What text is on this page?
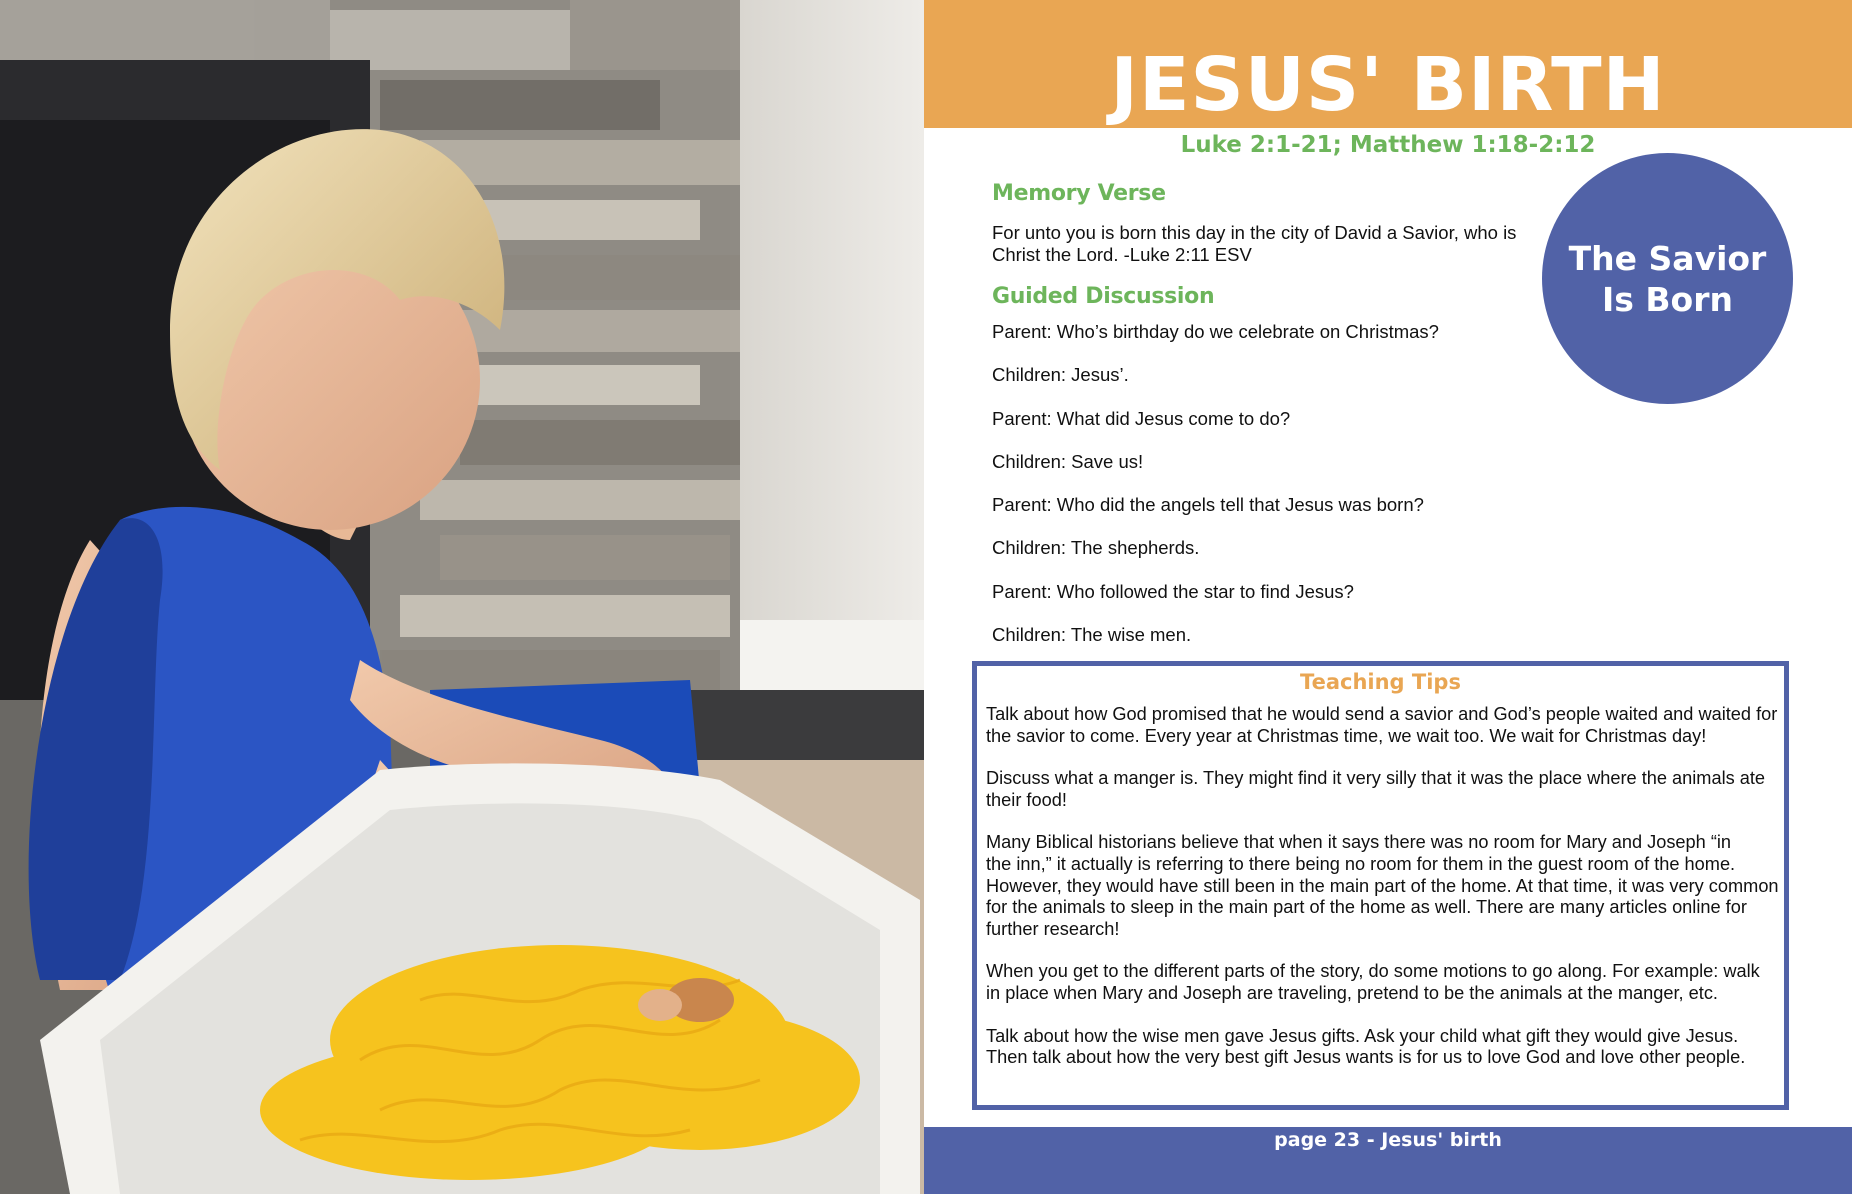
JESUS' BIRTH
Luke 2:1-21; Matthew 1:18-2:12
Memory Verse
For unto you is born this day in the city of David a Savior, who is
Christ the Lord. -Luke 2:11 ESV	The Savior
Is Born
Guided Discussion
Parent: Who’s birthday do we celebrate on Christmas?
Children: Jesus’.
Parent: What did Jesus come to do?
Children: Save us!
Parent: Who did the angels tell that Jesus was born?
Children: The shepherds.
Parent: Who followed the star to find Jesus?
Children: The wise men.
Teaching Tips

Talk about how God promised that he would send a savior and God’s people waited and waited for
the savior to come. Every year at Christmas time, we wait too. We wait for Christmas day!

Discuss what a manger is. They might find it very silly that it was the place where the animals ate
their food!

Many Biblical historians believe that when it says there was no room for Mary and Joseph “in
the inn,” it actually is referring to there being no room for them in the guest room of the home.
However, they would have still been in the main part of the home. At that time, it was very common
for the animals to sleep in the main part of the home as well. There are many articles online for
further research!

When you get to the different parts of the story, do some motions to go along. For example: walk
in place when Mary and Joseph are traveling, pretend to be the animals at the manger, etc.

Talk about how the wise men gave Jesus gifts. Ask your child what gift they would give Jesus.
Then talk about how the very best gift Jesus wants is for us to love God and love other people.

page 23 - Jesus' birth
